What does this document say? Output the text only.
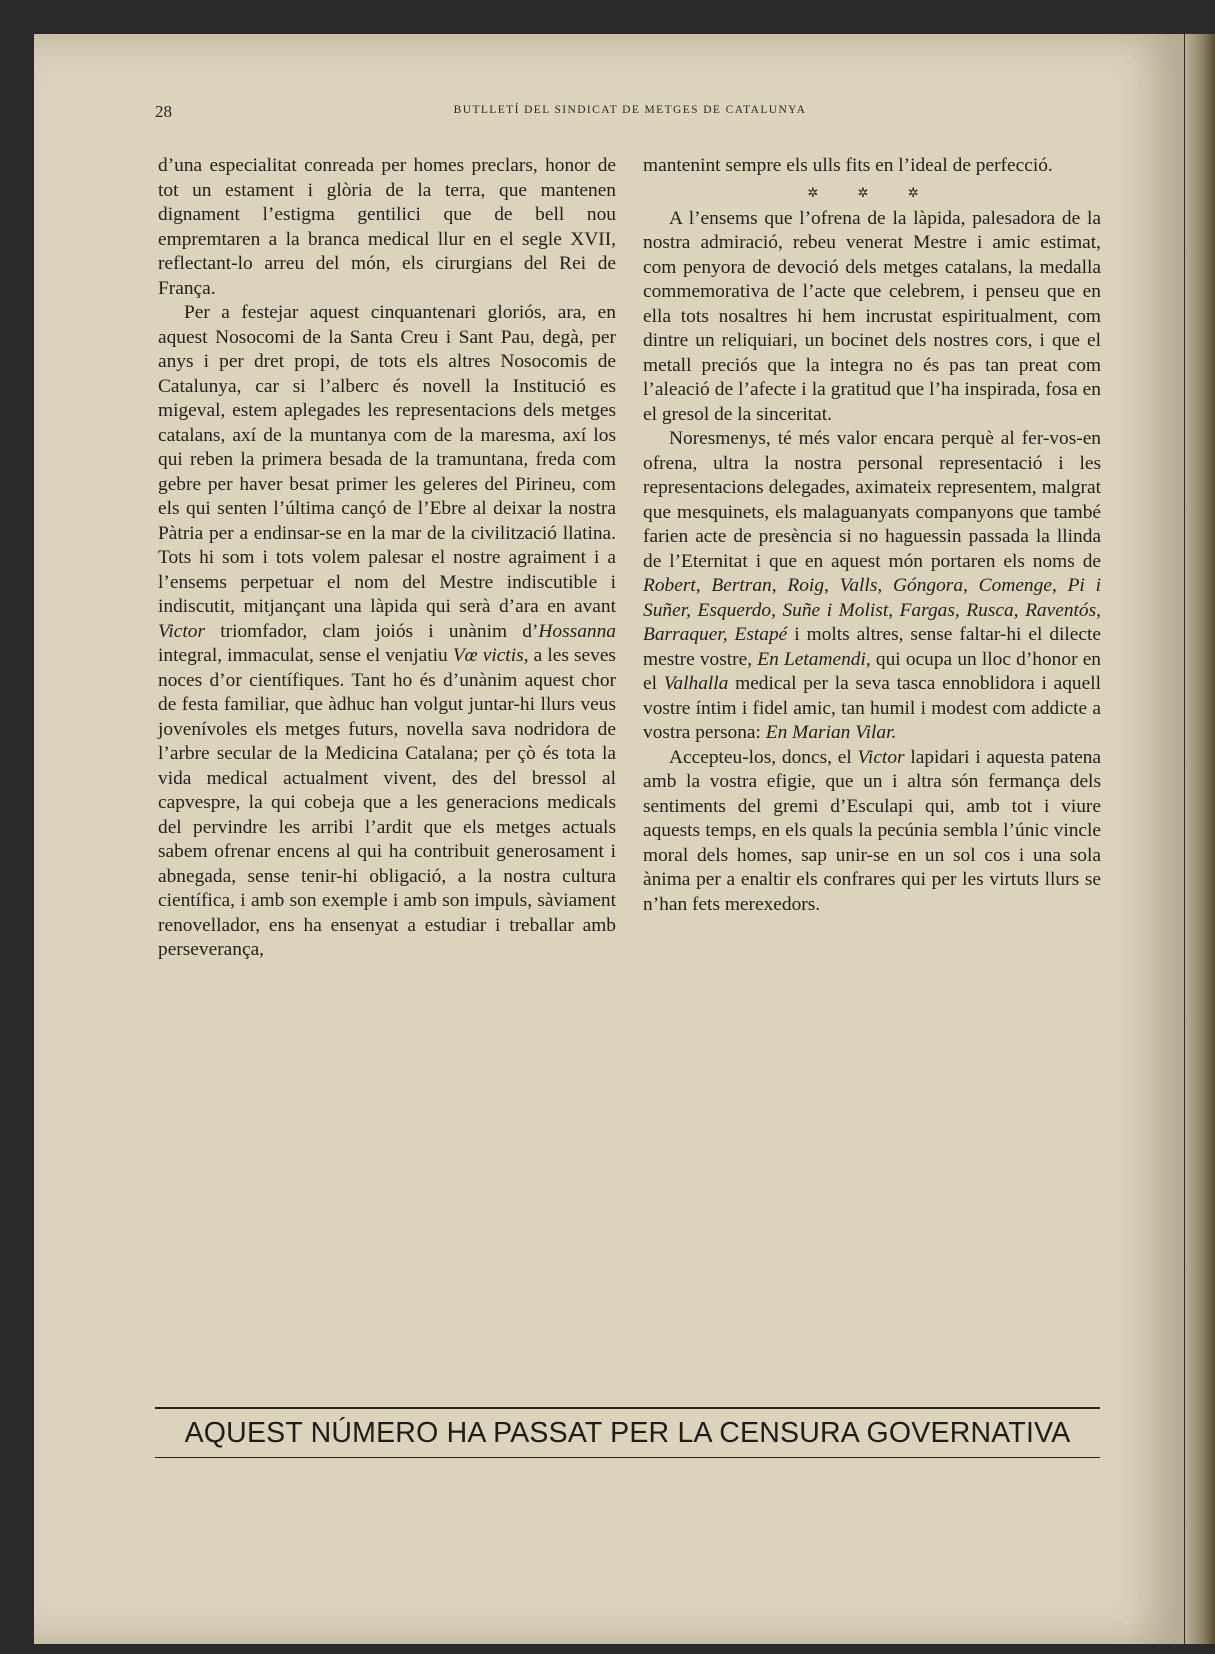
28	BUTLLETÍ DEL SINDICAT DE METGES DE CATALUNYA

d’una especialitat conreada per homes preclars, honor de tot un estament i glòria de la terra, que mantenen dignament l’estigma gentilici que de bell nou empremtaren a la branca medical llur en el segle XVII, reflectant-lo arreu del món, els cirurgians del Rei de França.

Per a festejar aquest cinquantenari gloriós, ara, en aquest Nosocomi de la Santa Creu i Sant Pau, degà, per anys i per dret propi, de tots els altres Nosocomis de Catalunya, car si l’alberc és novell la Institució es migeval, estem aplegades les representacions dels metges catalans, axí de la muntanya com de la maresma, axí los qui reben la primera besada de la tramuntana, freda com gebre per haver besat primer les geleres del Pirineu, com els qui senten l’última cançó de l’Ebre al deixar la nostra Pàtria per a endinsar-se en la mar de la civilització llatina. Tots hi som i tots volem palesar el nostre agraiment i a l’ensems perpetuar el nom del Mestre indiscutible i indiscutit, mitjançant una làpida qui serà d’ara en avant Victor triomfador, clam joiós i unànim d’Hossanna integral, immaculat, sense el venjatiu Vœ victis, a les seves noces d’or científiques. Tant ho és d’unànim aquest chor de festa familiar, que àdhuc han volgut juntar-hi llurs veus jovenívoles els metges futurs, novella sava nodridora de l’arbre secular de la Medicina Catalana; per çò és tota la vida medical actualment vivent, des del bressol al capvespre, la qui cobeja que a les generacions medicals del pervindre les arribi l’ardit que els metges actuals sabem ofrenar encens al qui ha contribuit generosament i abnegada, sense tenir-hi obligació, a la nostra cultura científica, i amb son exemple i amb son impuls, sàviament renovellador, ens ha ensenyat a estudiar i treballar amb perseverança,

mantenint sempre els ulls fits en l’ideal de perfecció.

✲ ✲ ✲

A l’ensems que l’ofrena de la làpida, palesadora de la nostra admiració, rebeu venerat Mestre i amic estimat, com penyora de devoció dels metges catalans, la medalla commemorativa de l’acte que celebrem, i penseu que en ella tots nosaltres hi hem incrustat espiritualment, com dintre un reliquiari, un bocinet dels nostres cors, i que el metall preciós que la integra no és pas tan preat com l’aleació de l’afecte i la gratitud que l’ha inspirada, fosa en el gresol de la sinceritat.

Noresmenys, té més valor encara perquè al fer-vos-en ofrena, ultra la nostra personal representació i les representacions delegades, aximateix representem, malgrat que mesquinets, els malaguanyats companyons que també farien acte de presència si no haguessin passada la llinda de l’Eternitat i que en aquest món portaren els noms de Robert, Bertran, Roig, Valls, Góngora, Comenge, Pi i Suñer, Esquerdo, Suñe i Molist, Fargas, Rusca, Raventós, Barraquer, Estapé i molts altres, sense faltar-hi el dilecte mestre vostre, En Letamendi, qui ocupa un lloc d’honor en el Valhalla medical per la seva tasca ennoblidora i aquell vostre íntim i fidel amic, tan humil i modest com addicte a vostra persona: En Marian Vilar.

Accepteu-los, doncs, el Victor lapidari i aquesta patena amb la vostra efigie, que un i altra són fermança dels sentiments del gremi d’Esculapi qui, amb tot i viure aquests temps, en els quals la pecúnia sembla l’únic vincle moral dels homes, sap unir-se en un sol cos i una sola ànima per a enaltir els confrares qui per les virtuts llurs se n’han fets merexedors.

AQUEST NÚMERO HA PASSAT PER LA CENSURA GOVERNATIVA
